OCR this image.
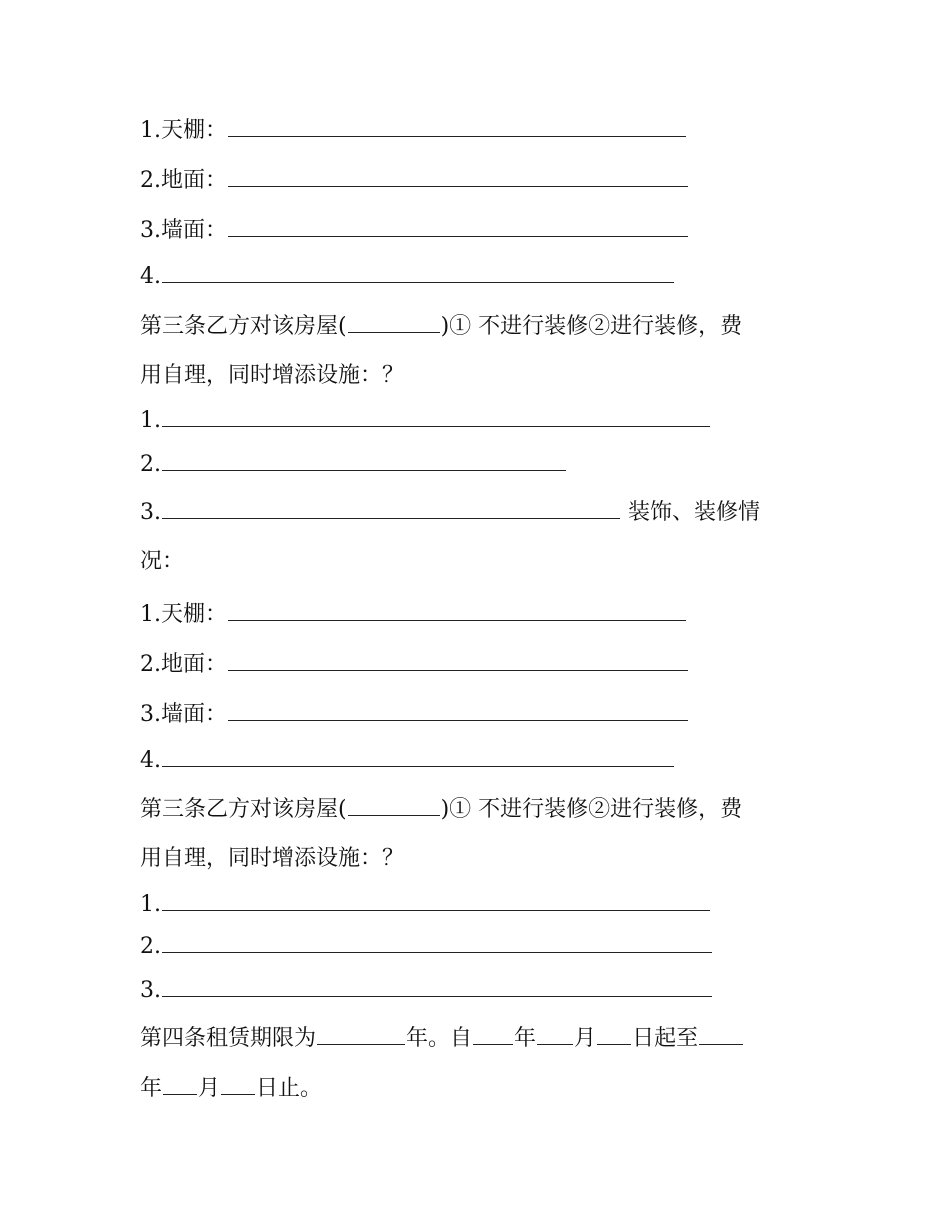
1.天棚：
2.地面：
3.墙面：
4.
第三条乙方对该房屋(	)① 不进行装修②进行装修，费
用自理，同时增添设施：？
1.
2.
3.	装饰、装修情
况：
1.天棚：
2.地面：
3.墙面：
4.
第三条乙方对该房屋(	)① 不进行装修②进行装修，费
用自理，同时增添设施：？
1.
2.
3.
第四条租赁期限为	年。自 年 月 日起至
年 月 日止。
